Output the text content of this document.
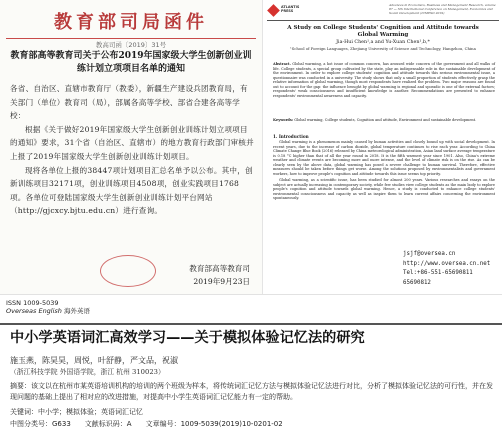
教育部司局函件
教高司函〔2019〕31号
教育部高等教育司关于公布2019年国家级大学生创新创业训练计划立项项目名单的通知

各省、自治区、直辖市教育厅（教委），新疆生产建设兵团教育局，有关部门（单位）教育司（局），部属各高等学校、部省合建各高等学校：

根据《关于做好2019年国家级大学生创新创业训练计划立项项目的通知》要求，31个省（自治区、直辖市）的地方教育行政部门审核并上报了2019年国家级大学生创新创业训练计划项目。

现将各单位上报的38447项计划项目汇总名单予以公布。其中，创新训练项目32171项，创业训练项目4508项，创业实践项目1768项。各单位可登陆国家级大学生创新创业训练计划平台网站（http://gjcxcy.bjtu.edu.cn）进行查询。

教育部高等教育司
2019年9月23日
ATLANTIS PRESS
Advances in Economics, Business and Management Research, volume 87 — 5th International Conference on Management, Economics and Social Development (ICMESD 2019)
A Study on College Students' Cognition and Attitude towards Global Warming
Jia-Hui Chen¹,a and Yu-Xuan Chen¹,b,*
¹School of Foreign Languages, Zhejiang University of Science and Technology, Hangzhou, China
Abstract. Global warming, a hot issue of common concern, has aroused wide concern of the government and all walks of life. College students, a special group cultivated by the state, play an indispensable role in the sustainable development of the environment. In order to explore college students' cognition and attitude towards this serious environmental issue, a questionnaire was conducted in a university. The study shows that only a small proportion of students effectively grasp the relative information of global warming, though most respondents have realized the problem. Two major reasons are found out to account for the gap: the influence brought by global warming is regional and sporadic is one of the external factors; respondents' weak consciousness and insufficient knowledge is another. Recommendations are presented to enhance respondents' environmental awareness and capacity.
Keywords: Global warming, College students, Cognition and attitude, Environment and sustainable development.
1. Introduction

Global warming is a phenomenon mainly caused by human activities and closely bound up with social development. In recent years, due to the increase of carbon dioxide, global temperature continues to rise each year. According to China Climate Change Blue Book (2016) released by China meteorological administration, Asian land surface average temperature is 0.18 °C higher than that of all the year round in 2018. It is the fifth warmest year since 1901. Also, China's extreme weather and climate events are becoming more and more intense, and the level of climate risk is on the rise. As can be clearly seen by the above data, global warming has posed a severe challenge to human survival. Therefore, effective measures should be taken before things get worse. Among the solutions proposed by environmentalists and government workers, how to improve people's cognition and attitude towards this issue seems top priority.

Global warming, as a scientific issue, has been studied for almost 200 years. Various researches and essays on the subject are actually increasing in contemporary society, while few studies view college students as the main body to explore people's cognition and attitude towards global warming. Hence, a study is conducted to enhance college students' environmental consciousness and capacity as well as inspire them to learn current affairs concerning the environment spontaneously.

jsjf@oversea.cn
http://www.oversea.cn.net
Tel:+86-551-65690811 65690812
ISSN 1009-5039
Overseas English 海外英语
中小学英语词汇高效学习——关于模拟体验记忆法的研究
施玉燕，陈昊昊，周悦，叶舒静，严文品，祝淑
（浙江科技学院 外国语学院，浙江 杭州 310023）
摘要：该文以在杭州市某英语培训机构的培训的两个班级为样本，将传统词汇记忆方法与模拟体验记忆法进行对比，分析了模拟体验记忆法的可行性，并在发现问题的基础上提出了相对应的改进措施，对提高中小学生英语词汇记忆能力有一定的帮助。
关键词：中小学；模拟体验；英语词汇记忆
中图分类号：G633 文献标识码：A 文章编号：1009-5039(2019)10-0201-02
